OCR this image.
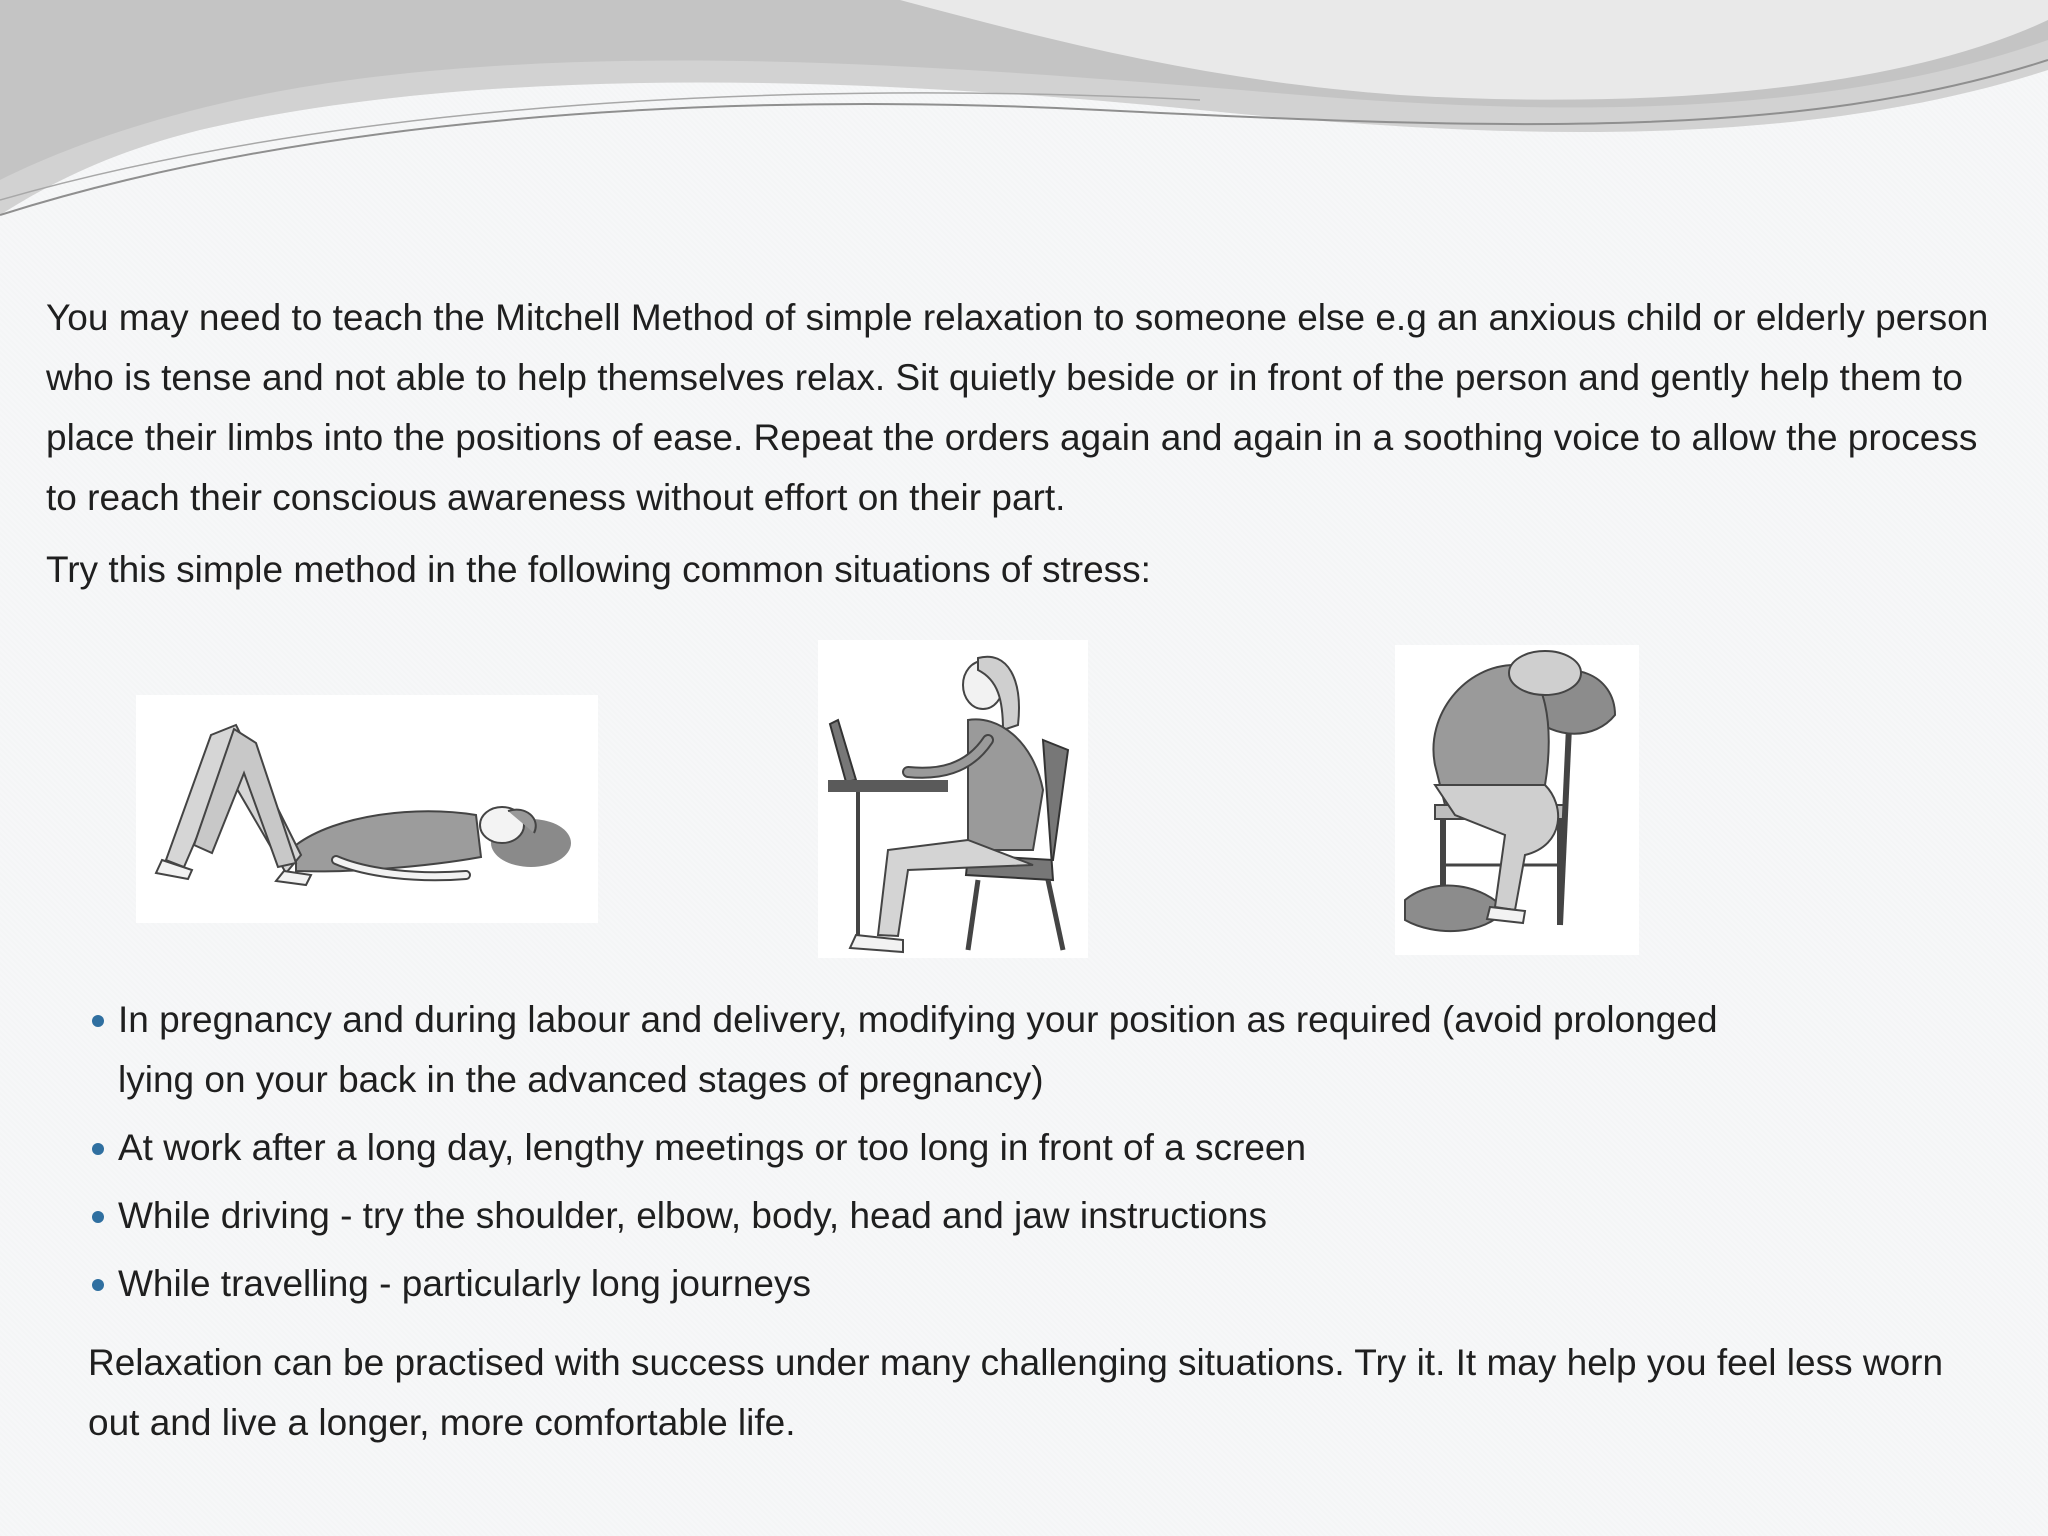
You may need to teach the Mitchell Method of simple relaxation to someone else e.g an anxious child or elderly person who is tense and not able to help themselves relax. Sit quietly beside or in front of the person and gently help them to place their limbs into the positions of ease. Repeat the orders again and again in a soothing voice to allow the process to reach their conscious awareness without effort on their part.

Try this simple method in the following common situations of stress:

In pregnancy and during labour and delivery, modifying your position as required (avoid prolonged lying on your back in the advanced stages of pregnancy)
At work after a long day, lengthy meetings or too long in front of a screen
While driving - try the shoulder, elbow, body, head and jaw instructions
While travelling - particularly long journeys

Relaxation can be practised with success under many challenging situations. Try it. It may help you feel less worn out and live a longer, more comfortable life.
